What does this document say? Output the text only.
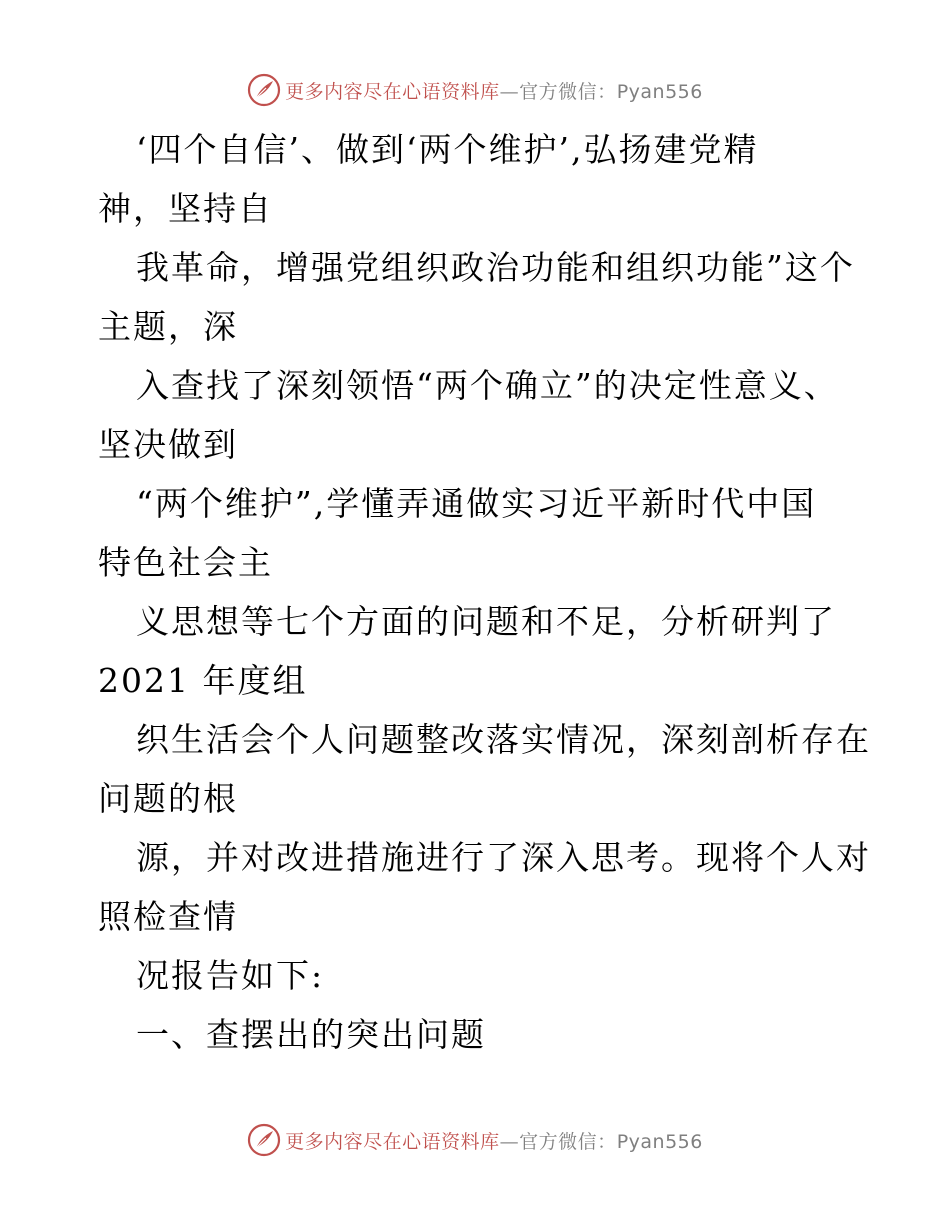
更多内容尽在心语资料库—官方微信：Pyan556
‘四个自信’、做到‘两个维护’,弘扬建党精
神，坚持自
我革命，增强党组织政治功能和组织功能”这个
主题，深
入查找了深刻领悟“两个确立”的决定性意义、
坚决做到
“两个维护”,学懂弄通做实习近平新时代中国
特色社会主
义思想等七个方面的问题和不足，分析研判了
2021 年度组
织生活会个人问题整改落实情况，深刻剖析存在
问题的根
源，并对改进措施进行了深入思考。现将个人对
照检查情
况报告如下:
一、查摆出的突出问题
更多内容尽在心语资料库—官方微信：Pyan556
